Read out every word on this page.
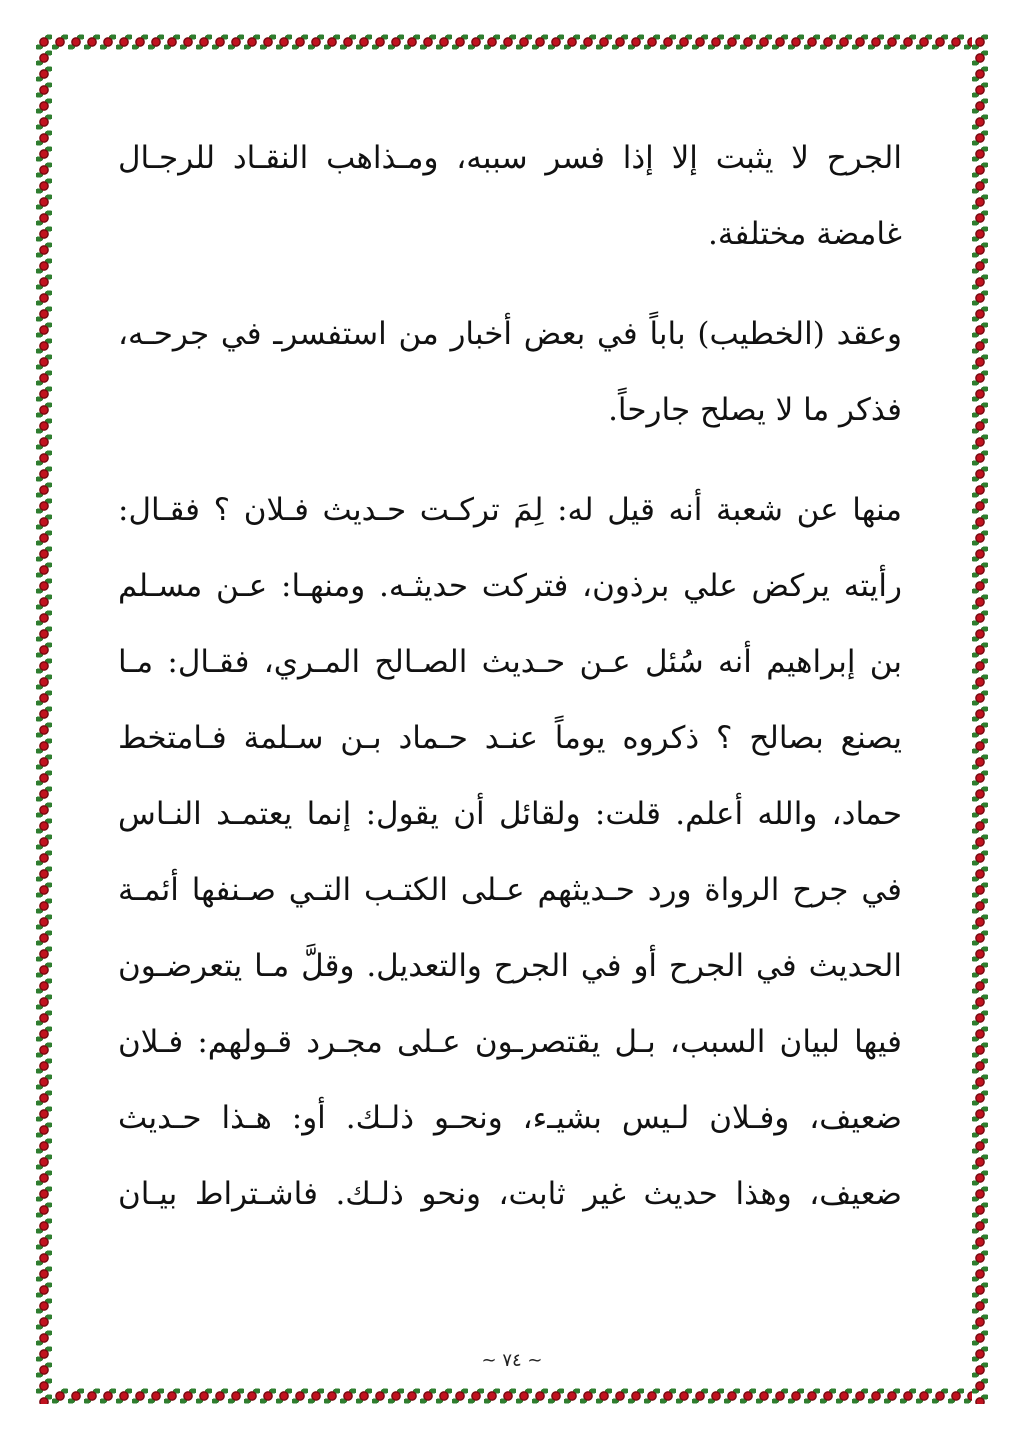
الجرح لا يثبت إلا إذا فسر سببه، ومـذاهب النقـاد للرجـال
غامضة مختلفة.
وعقد (الخطيب) باباً في بعض أخبار من استفسرـ في جرحـه،
فذكر ما لا يصلح جارحاً.
منها عن شعبة أنه قيل له: لِمَ تركـت حـديث فـلان ؟ فقـال:
رأيته يركض علي برذون، فتركت حديثـه. ومنهـا: عـن مسـلم
بن إبراهيم أنه سُئل عـن حـديث الصـالح المـري، فقـال: مـا
يصنع بصالح ؟ ذكروه يوماً عنـد حـماد بـن سـلمة فـامتخط
حماد، والله أعلم. قلت: ولقائل أن يقول: إنما يعتمـد النـاس
في جرح الرواة ورد حـديثهم عـلى الكتـب التـي صـنفها أئمـة
الحديث في الجرح أو في الجرح والتعديل. وقلَّ مـا يتعرضـون
فيها لبيان السبب، بـل يقتصرـون عـلى مجـرد قـولهم: فـلان
ضعيف، وفـلان لـيس بشيـء، ونحـو ذلـك. أو: هـذا حـديث
ضعيف، وهذا حديث غير ثابت، ونحو ذلـك. فاشـتراط بيـان
~ ٧٤ ~
